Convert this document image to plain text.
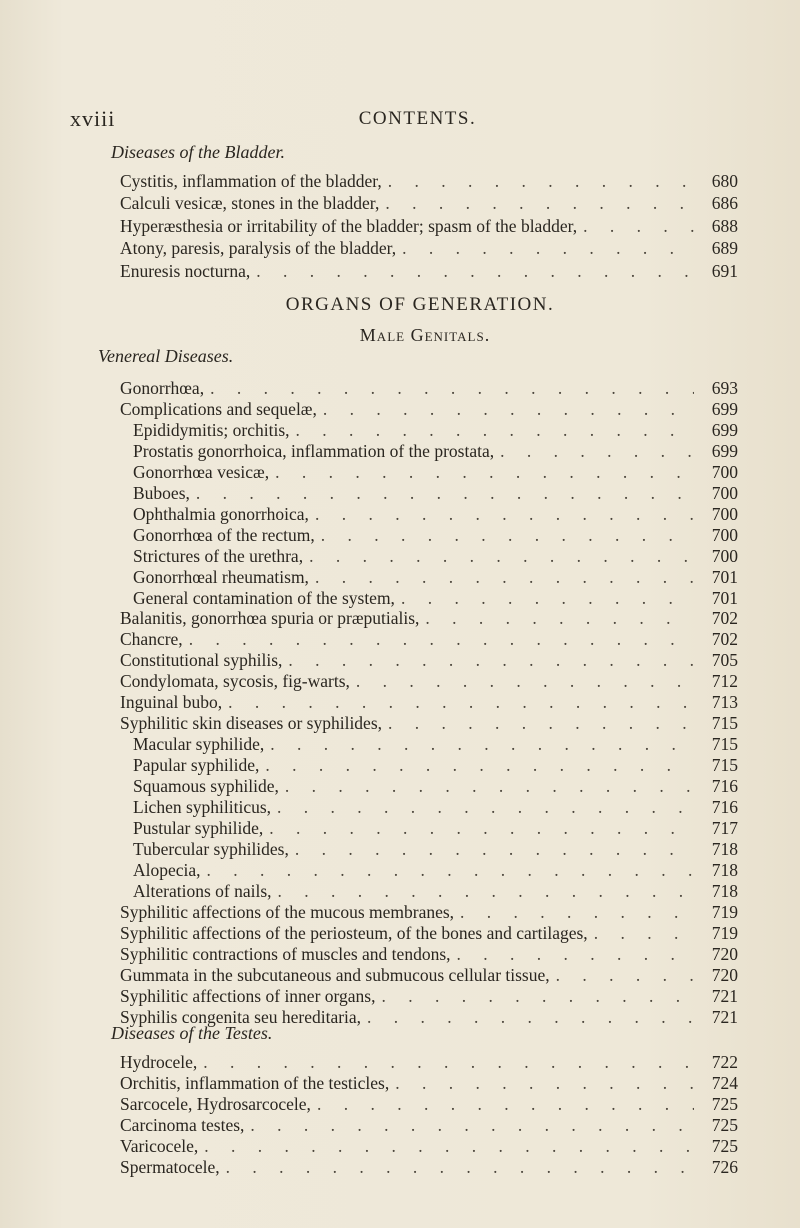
xviii	CONTENTS.
Diseases of the Bladder.
Cystitis, inflammation of the bladder, . . .	680
Calculi vesicæ, stones in the bladder, . . .	686
Hyperæsthesia or irritability of the bladder; spasm of the bladder, . . .	688
Atony, paresis, paralysis of the bladder, . . .	689
Enuresis nocturna, . . .	691
ORGANS OF GENERATION.
Male Genitals.
Venereal Diseases.
Gonorrhœa, . . .	693
Complications and sequelæ, . . .	699
Epididymitis; orchitis, . . .	699
Prostatis gonorrhoica, inflammation of the prostata, . . .	699
Gonorrhœa vesicæ, . . .	700
Buboes, . . .	700
Ophthalmia gonorrhoica, . . .	700
Gonorrhœa of the rectum, . . .	700
Strictures of the urethra, . . .	700
Gonorrhœal rheumatism, . . .	701
General contamination of the system, . . .	701
Balanitis, gonorrhœa spuria or præputialis, . . .	702
Chancre, . . .	702
Constitutional syphilis, . . .	705
Condylomata, sycosis, fig-warts, . . .	712
Inguinal bubo, . . .	713
Syphilitic skin diseases or syphilides, . . .	715
Macular syphilide, . . .	715
Papular syphilide, . . .	715
Squamous syphilide, . . .	716
Lichen syphiliticus, . . .	716
Pustular syphilide, . . .	717
Tubercular syphilides, . . .	718
Alopecia, . . .	718
Alterations of nails, . . .	718
Syphilitic affections of the mucous membranes, . . .	719
Syphilitic affections of the periosteum, of the bones and cartilages, . . .	719
Syphilitic contractions of muscles and tendons, . . .	720
Gummata in the subcutaneous and submucous cellular tissue, . . .	720
Syphilitic affections of inner organs, . . .	721
Syphilis congenita seu hereditaria, . . .	721
Diseases of the Testes.
Hydrocele, . . .	722
Orchitis, inflammation of the testicles, . . .	724
Sarcocele, Hydrosarcocele, . . .	725
Carcinoma testes, . . .	725
Varicocele, . . .	725
Spermatocele, . . .	726
